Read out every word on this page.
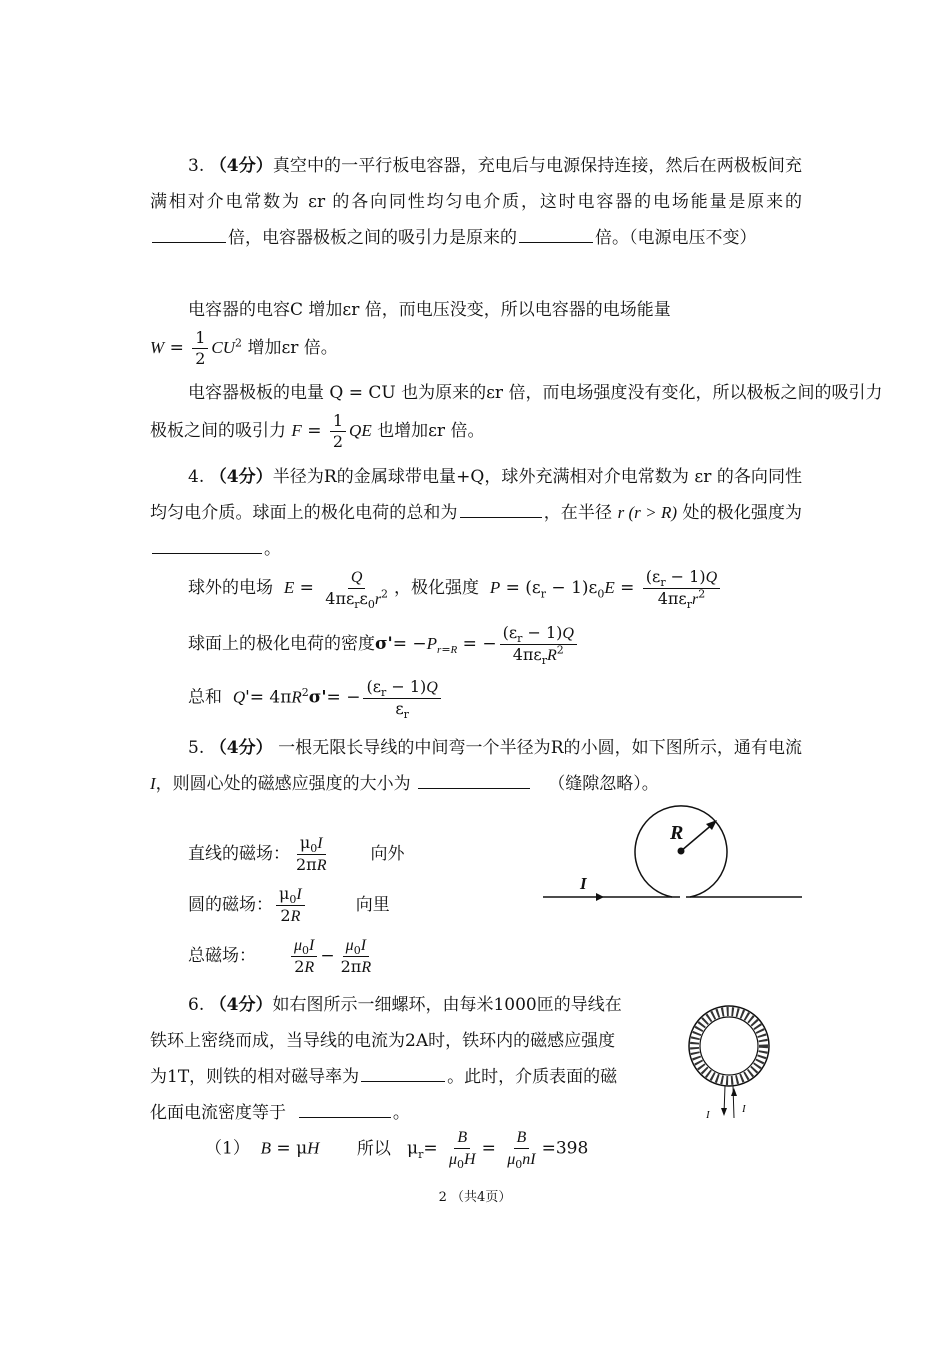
3. （4分）真空中的一平行板电容器，充电后与电源保持连接，然后在两极板间充满相对介电常数为 εr 的各向同性均匀电介质，这时电容器的电场能量是原来的倍，电容器极板之间的吸引力是原来的	倍。（电源电压不变）

电容器的电容C 增加εr 倍，而电压没变，所以电容器的电场能量
$W = \frac{1}{2} CU^2$ 增加εr 倍。
电容器极板的电量 Q = CU 也为原来的εr 倍，而电场强度没有变化，所以极板之间的吸引力
极板之间的吸引力 $F = \frac{1}{2}$ QE 也增加εr 倍。

4. （4分）半径为R的金属球带电量+Q，球外充满相对介电常数为 εr 的各向同性均匀电介质。球面上的极化电荷的总和为	，在半径 r (r > R) 处的极化强度为。

球外的电场 $E = \frac{Q}{4\pi\varepsilon_r\varepsilon_0r^2}$ ，极化强度 $P = (\varepsilon_r - 1)\varepsilon_0E = \frac{(\varepsilon_r - 1)Q}{4\pi\varepsilon_rr^2}$
球面上的极化电荷的密度$\sigma'= -P_{r=R}$ = − $\frac{(\varepsilon_r - 1)Q}{4\pi\varepsilon_rR^2}$
总和 $Q'= 4\pi R^2\sigma'= - \frac{(\varepsilon_r - 1)Q}{\varepsilon_r}$

5. （4分） 一根无限长导线的中间弯一个半径为R的小圆，如下图所示，通有电流 I，则圆心处的磁感应强度的大小为	（缝隙忽略）。

直线的磁场： $\frac{\mu_0I}{2\pi R}$ 向外
圆的磁场： $\frac{\mu_0I}{2R}$	向里
总磁场： $\frac{\mu_0I}{2R} - \frac{\mu_0I}{2\pi R}$
R
I
6. （4分）如右图所示一细螺环，由每米1000匝的导线在
铁环上密绕而成，当导线的电流为2A时，铁环内的磁感应强度
为1T，则铁的相对磁导率为	。此时，介质表面的磁
化面电流密度等于	。
（1） B = μH 所以   $\mu_r= \frac{B}{\mu_0H} = \frac{B}{\mu_0nI} =398$
I	I
2 （共4页）
